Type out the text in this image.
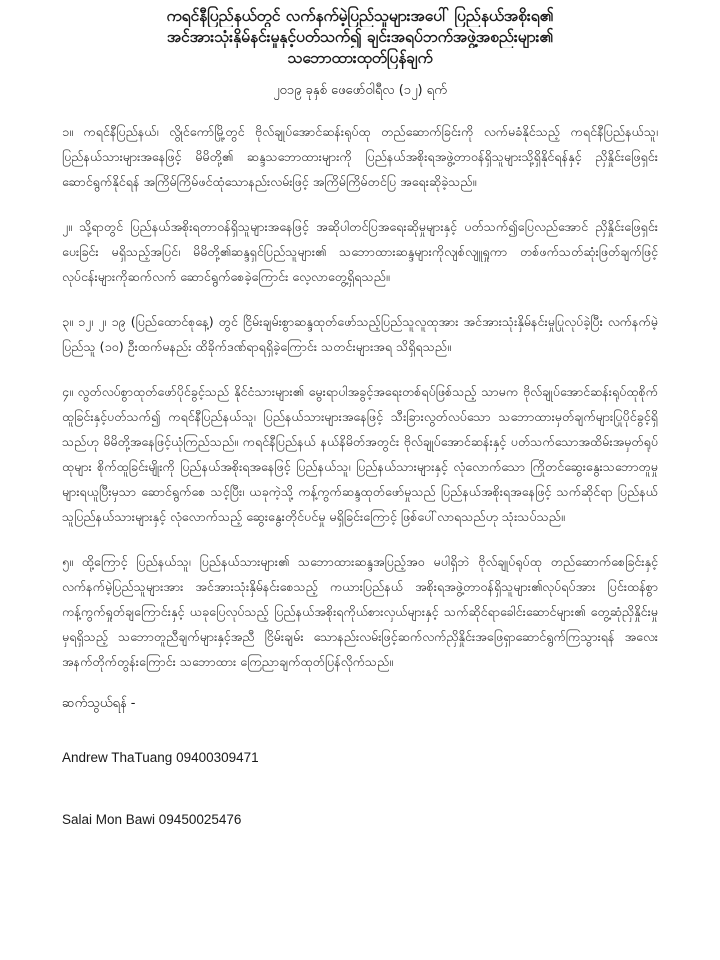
ကရင်နီပြည်နယ်တွင် လက်နက်မဲ့ပြည်သူများအပေါ် ပြည်နယ်အစိုးရ၏
အင်အားသုံးနှိမ်နင်းမှုနှင့်ပတ်သက်၍ ချင်းအရပ်ဘက်အဖွဲ့အစည်းများ၏
သဘောထားထုတ်ပြန်ချက်
၂၀၁၉ ခုနှစ် ဖေဖော်ဝါရီလ (၁၂) ရက်

၁။ ကရင်နီပြည်နယ်၊ လွိုင်ကော်မြို့တွင် ဗိုလ်ချုပ်အောင်ဆန်းရုပ်ထု တည်ဆောက်ခြင်းကို လက်မခံနိုင်သည့် ကရင်နီပြည်နယ်သူ၊ ပြည်နယ်သားများအနေဖြင့် မိမိတို့၏ ဆန္ဒသဘောထားများကို ပြည်နယ်အစိုးရအဖွဲ့တာဝန်ရှိသူများသို့ရှိနိုင်ရန်နှင့် ညှိနှိုင်းဖြေရှင်းဆောင်ရွက်နိုင်ရန် အကြိမ်ကြိမ်ဖင်ထုံသောနည်းလမ်းဖြင့် အကြိမ်ကြိမ်တင်ပြ အရေးဆိုခဲ့သည်။

၂။ သို့ရာတွင် ပြည်နယ်အစိုးရတာဝန်ရှိသူများအနေဖြင့် အဆိုပါတင်ပြအရေးဆိုမှုများနှင့် ပတ်သက်၍ပြေလည်အောင် ညှိနှိုင်းဖြေရှင်းပေးခြင်း မရှိသည့်အပြင်၊ မိမိတို့၏ဆန္ဒရှင်ပြည်သူများ၏ သဘောထားဆန္ဒများကိုလျစ်လျူရှုကာ တစ်ဖက်သတ်ဆုံးဖြတ်ချက်ဖြင့် လုပ်ငန်းများကိုဆက်လက် ဆောင်ရွက်စေခဲ့ကြောင်း လေ့လာတွေ့ရှိရသည်။

၃။ ၁၂၊ ၂၊ ၁၉ (ပြည်ထောင်စုနေ့) တွင် ငြိမ်းချမ်းစွာဆန္ဒထုတ်ဖော်သည့်ပြည်သူလူထုအား အင်အားသုံးနှိမ်နင်းမှုပြုလုပ်ခဲ့ပြီး လက်နက်မဲ့ပြည်သူ (၁၀) ဦးထက်မနည်း ထိခိုက်ဒဏ်ရာရရှိခဲ့ကြောင်း သတင်းများအရ သိရှိရသည်။

၄။ လွတ်လပ်စွာထုတ်ဖော်ပိုင်ခွင့်သည် နိုင်ငံသားများ၏ မွေးရာပါအခွင့်အရေးတစ်ရပ်ဖြစ်သည့် သာမက ဗိုလ်ချုပ်အောင်ဆန်းရုပ်ထုစိုက်ထူခြင်းနှင့်ပတ်သက်၍ ကရင်နီပြည်နယ်သူ၊ ပြည်နယ်သားများအနေဖြင့် သီးခြားလွတ်လပ်သော သဘောထားမှတ်ချက်များပြုပိုင်ခွင့်ရှိသည်ဟု မိမိတို့အနေဖြင့်ယုံကြည်သည်။ ကရင်နီပြည်နယ် နယ်နိမိတ်အတွင်း ဗိုလ်ချုပ်အောင်ဆန်းနှင့် ပတ်သက်သောအထိမ်းအမှတ်ရုပ်ထုများ စိုက်ထူခြင်းမျိုးကို ပြည်နယ်အစိုးရအနေဖြင့် ပြည်နယ်သူ၊ ပြည်နယ်သားများနှင့် လုံလောက်သော ကြိုတင်ဆွေးနွေးသဘောတူမှုများရယူပြီးမှသာ ဆောင်ရွက်စေ သင့်ပြီး၊ ယခုကဲ့သို့ ကန့်ကွက်ဆန္ဒထုတ်ဖော်မှုသည် ပြည်နယ်အစိုးရအနေဖြင့် သက်ဆိုင်ရာ ပြည်နယ်သူပြည်နယ်သားများနှင့် လုံလောက်သည့် ဆွေးနွေးတိုင်ပင်မှု မရှိခြင်းကြောင့် ဖြစ်ပေါ်လာရသည်ဟု သုံးသပ်သည်။

၅။ ထို့ကြောင့် ပြည်နယ်သူ၊ ပြည်နယ်သားများ၏ သဘောထားဆန္ဒအပြည့်အဝ မပါရှိဘဲ ဗိုလ်ချုပ်ရုပ်ထု တည်ဆောက်စေခြင်းနှင့် လက်နက်မဲ့ပြည်သူများအား အင်အားသုံးနှိမ်နင်းစေသည့် ကယားပြည်နယ် အစိုးရအဖွဲ့တာဝန်ရှိသူများ၏လုပ်ရပ်အား ပြင်းထန်စွာ ကန့်ကွက်ရှုတ်ချကြောင်းနှင့် ယခုပြေလုပ်သည့် ပြည်နယ်အစိုးရကိုယ်စားလှယ်များနှင့် သက်ဆိုင်ရာခေါင်းဆောင်များ၏ တွေ့ဆုံညှိနှိုင်းမှုမှရရှိသည့် သဘောတူညီချက်များနှင့်အညီ ငြိမ်းချမ်း သောနည်းလမ်းဖြင့်ဆက်လက်ညှိနှိုင်းအဖြေရှာဆောင်ရွက်ကြသွားရန် အလေးအနက်တိုက်တွန်းကြောင်း သဘောထား ကြေညာချက်ထုတ်ပြန်လိုက်သည်။

ဆက်သွယ်ရန် -
Andrew ThaTuang 09400309471
Salai Mon Bawi 09450025476
